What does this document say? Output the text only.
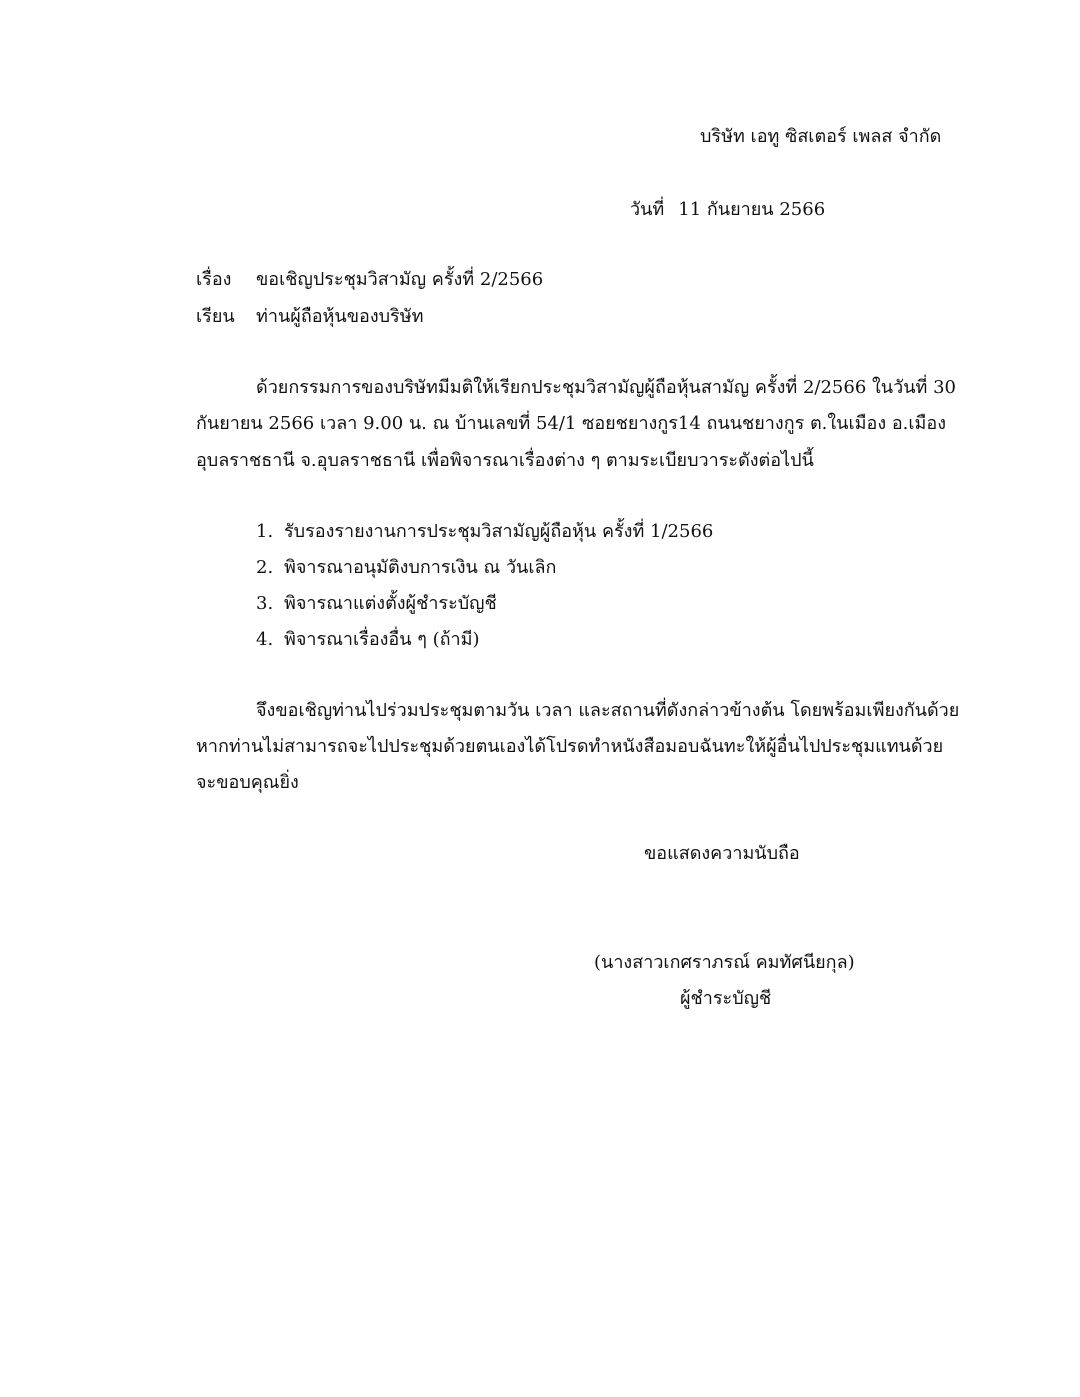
บริษัท เอทู ซิสเตอร์ เพลส จำกัด
วันที่ 11 กันยายน 2566
เรื่อง ขอเชิญประชุมวิสามัญ ครั้งที่ 2/2566
เรียน ท่านผู้ถือหุ้นของบริษัท
ด้วยกรรมการของบริษัทมีมติให้เรียกประชุมวิสามัญผู้ถือหุ้นสามัญ ครั้งที่ 2/2566 ในวันที่ 30
กันยายน 2566 เวลา 9.00 น. ณ บ้านเลขที่ 54/1 ซอยชยางกูร14 ถนนชยางกูร ต.ในเมือง อ.เมือง
อุบลราชธานี จ.อุบลราชธานี เพื่อพิจารณาเรื่องต่าง ๆ ตามระเบียบวาระดังต่อไปนี้
1. รับรองรายงานการประชุมวิสามัญผู้ถือหุ้น ครั้งที่ 1/2566
2. พิจารณาอนุมัติงบการเงิน ณ วันเลิก
3. พิจารณาแต่งตั้งผู้ชำระบัญชี
4. พิจารณาเรื่องอื่น ๆ (ถ้ามี)
จึงขอเชิญท่านไปร่วมประชุมตามวัน เวลา และสถานที่ดังกล่าวข้างต้น โดยพร้อมเพียงกันด้วย
หากท่านไม่สามารถจะไปประชุมด้วยตนเองได้โปรดทำหนังสือมอบฉันทะให้ผู้อื่นไปประชุมแทนด้วย
จะขอบคุณยิ่ง
ขอแสดงความนับถือ
(นางสาวเกศราภรณ์ คมทัศนียกุล)
ผู้ชำระบัญชี
